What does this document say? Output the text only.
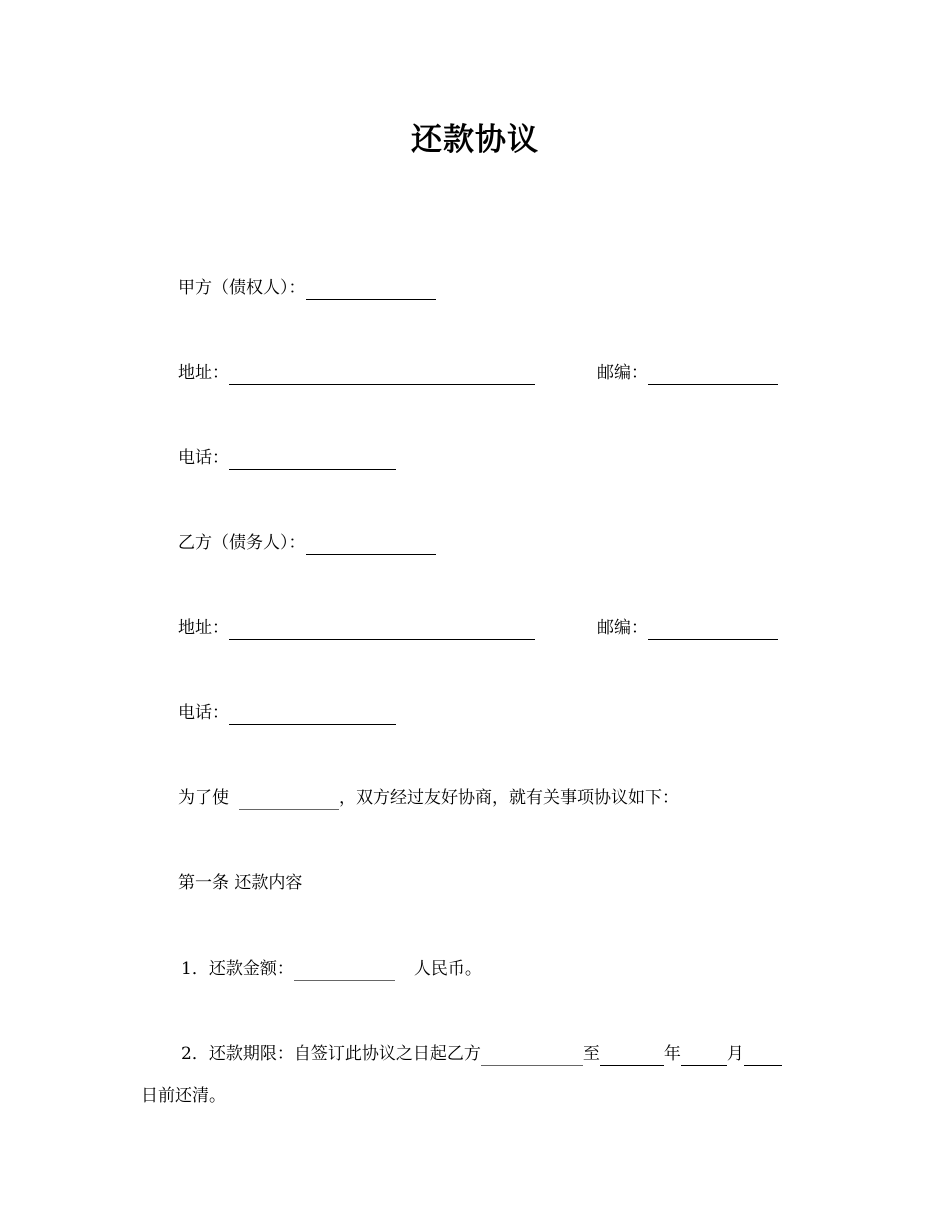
还款协议
甲方（债权人）：
地址：	邮编：
电话：
乙方（债务人）：
地址：	邮编：
电话：
为了使	，双方经过友好协商，就有关事项协议如下：
第一条 还款内容
1．还款金额：	人民币。
2．还款期限：自签订此协议之日起乙方	至	年	月
日前还清。
